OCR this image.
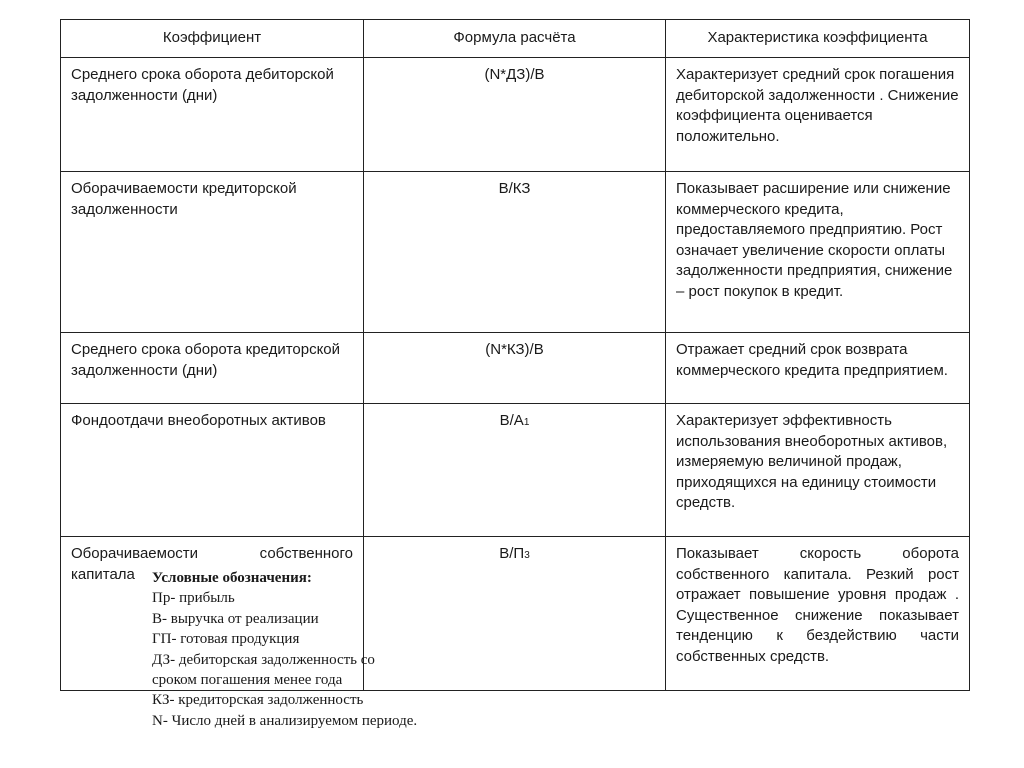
Коэффициент	Формула расчёта	Характеристика коэффициента
Среднего срока оборота дебиторской задолженности (дни)	(N*ДЗ)/В	Характеризует средний срок погашения дебиторской задолженности . Снижение коэффициента оценивается положительно.
Оборачиваемости кредиторской задолженности	В/КЗ	Показывает расширение или снижение коммерческого кредита, предоставляемого предприятию. Рост означает увеличение скорости оплаты задолженности предприятия, снижение – рост покупок в кредит.
Среднего срока оборота кредиторской задолженности (дни)	(N*КЗ)/В	Отражает средний срок возврата коммерческого кредита предприятием.
Фондоотдачи внеоборотных активов	В/А1	Характеризует эффективность использования внеоборотных активов, измеряемую величиной продаж, приходящихся на единицу стоимости средств.
Оборачиваемости собственного капитала	В/П3	Показывает скорость оборота собственного капитала. Резкий рост отражает повышение уровня продаж . Существенное снижение показывает тенденцию к бездействию части собственных средств.
Условные обозначения:
Пр- прибыль
В- выручка от реализации
ГП- готовая продукция
ДЗ- дебиторская задолженность со сроком погашения менее года
КЗ- кредиторская задолженность
N- Число дней в анализируемом периоде.
